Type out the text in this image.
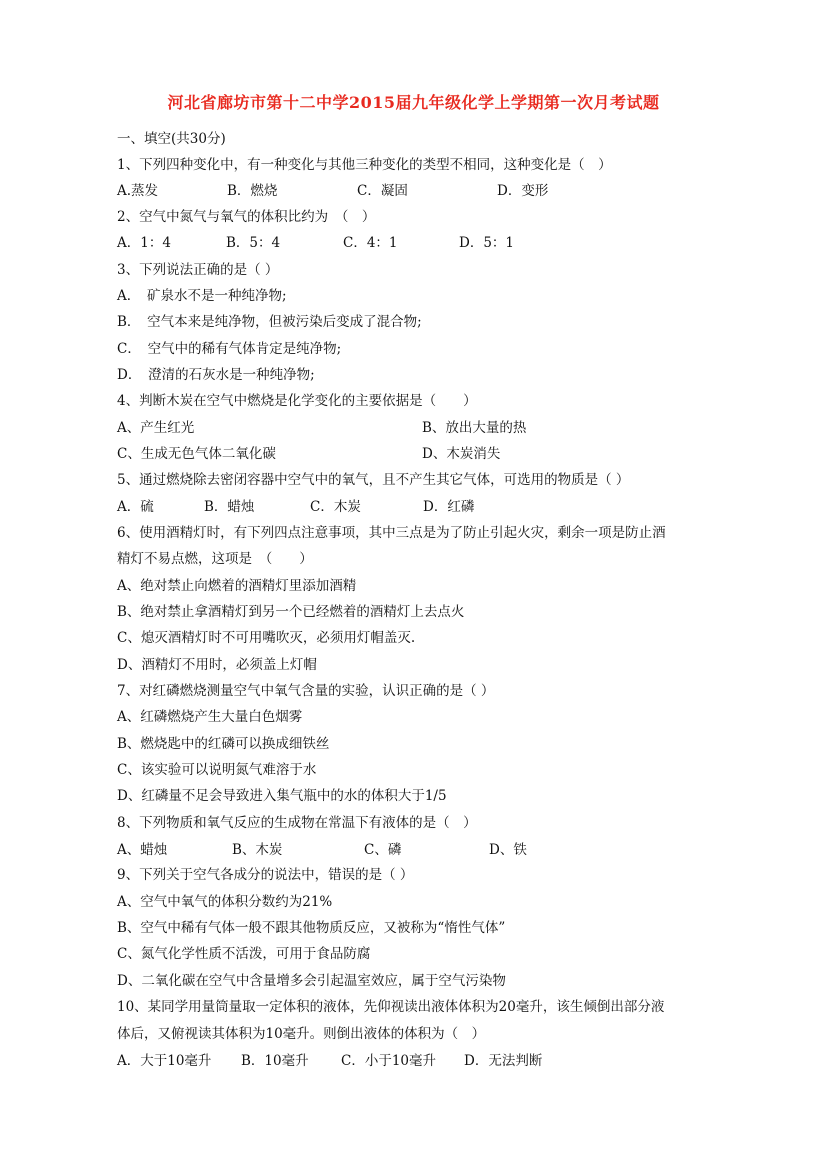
河北省廊坊市第十二中学2015届九年级化学上学期第一次月考试题
一、填空(共30分)
1、下列四种变化中，有一种变化与其他三种变化的类型不相同，这种变化是（　）
A.蒸发	B．燃烧	C．凝固	D．变形
2、空气中氮气与氧气的体积比约为　（　）
A．1：4	B．5：4	C．4：1	D．5：1
3、下列说法正确的是（ ）
A．　矿泉水不是一种纯净物;
B．　空气本来是纯净物，但被污染后变成了混合物;
C．　空气中的稀有气体肯定是纯净物;
D．　澄清的石灰水是一种纯净物;
4、判断木炭在空气中燃烧是化学变化的主要依据是（　　）
A、产生红光	B、放出大量的热
C、生成无色气体二氧化碳	D、木炭消失
5、通过燃烧除去密闭容器中空气中的氧气，且不产生其它气体，可选用的物质是（ ）
A．硫	B．蜡烛	C．木炭	D．红磷
6、使用酒精灯时，有下列四点注意事项，其中三点是为了防止引起火灾，剩余一项是防止酒
精灯不易点燃，这项是　（　　）
A、绝对禁止向燃着的酒精灯里添加酒精
B、绝对禁止拿酒精灯到另一个已经燃着的酒精灯上去点火
C、熄灭酒精灯时不可用嘴吹灭，必须用灯帽盖灭.
D、酒精灯不用时，必须盖上灯帽
7、对红磷燃烧测量空气中氧气含量的实验，认识正确的是（ ）
A、红磷燃烧产生大量白色烟雾
B、燃烧匙中的红磷可以换成细铁丝
C、该实验可以说明氮气难溶于水
D、红磷量不足会导致进入集气瓶中的水的体积大于1/5
8、下列物质和氧气反应的生成物在常温下有液体的是（　）
A、蜡烛	B、木炭	C、磷	D、铁
9、下列关于空气各成分的说法中，错误的是（ ）
A、空气中氧气的体积分数约为21%
B、空气中稀有气体一般不跟其他物质反应，又被称为“惰性气体”
C、氮气化学性质不活泼，可用于食品防腐
D、二氧化碳在空气中含量增多会引起温室效应，属于空气污染物
10、某同学用量筒量取一定体积的液体，先仰视读出液体体积为20毫升，该生倾倒出部分液
体后，又俯视读其体积为10毫升。则倒出液体的体积为（　）
A．大于10毫升 B．10毫升 C．小于10毫升 D．无法判断
